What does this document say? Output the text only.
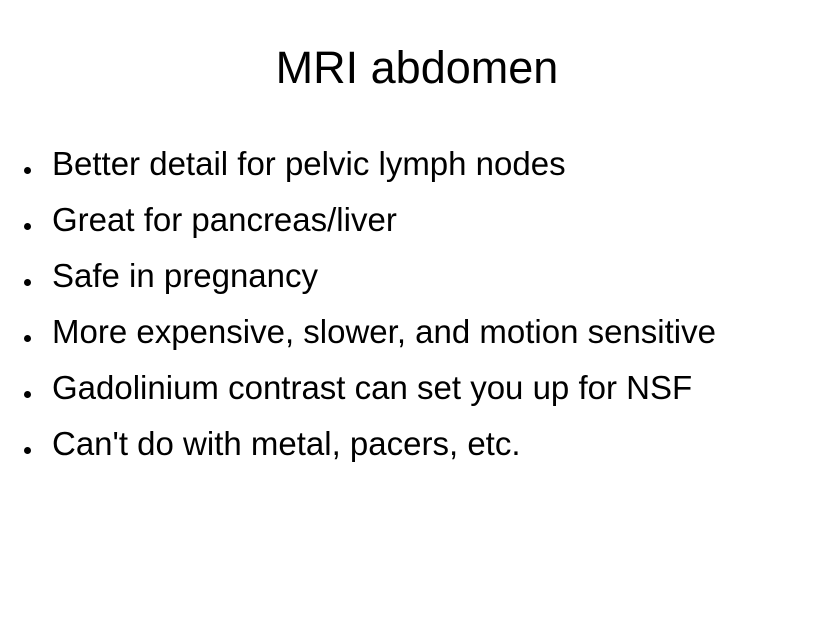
MRI abdomen
Better detail for pelvic lymph nodes
Great for pancreas/liver
Safe in pregnancy
More expensive, slower, and motion sensitive
Gadolinium contrast can set you up for NSF
Can't do with metal, pacers, etc.
